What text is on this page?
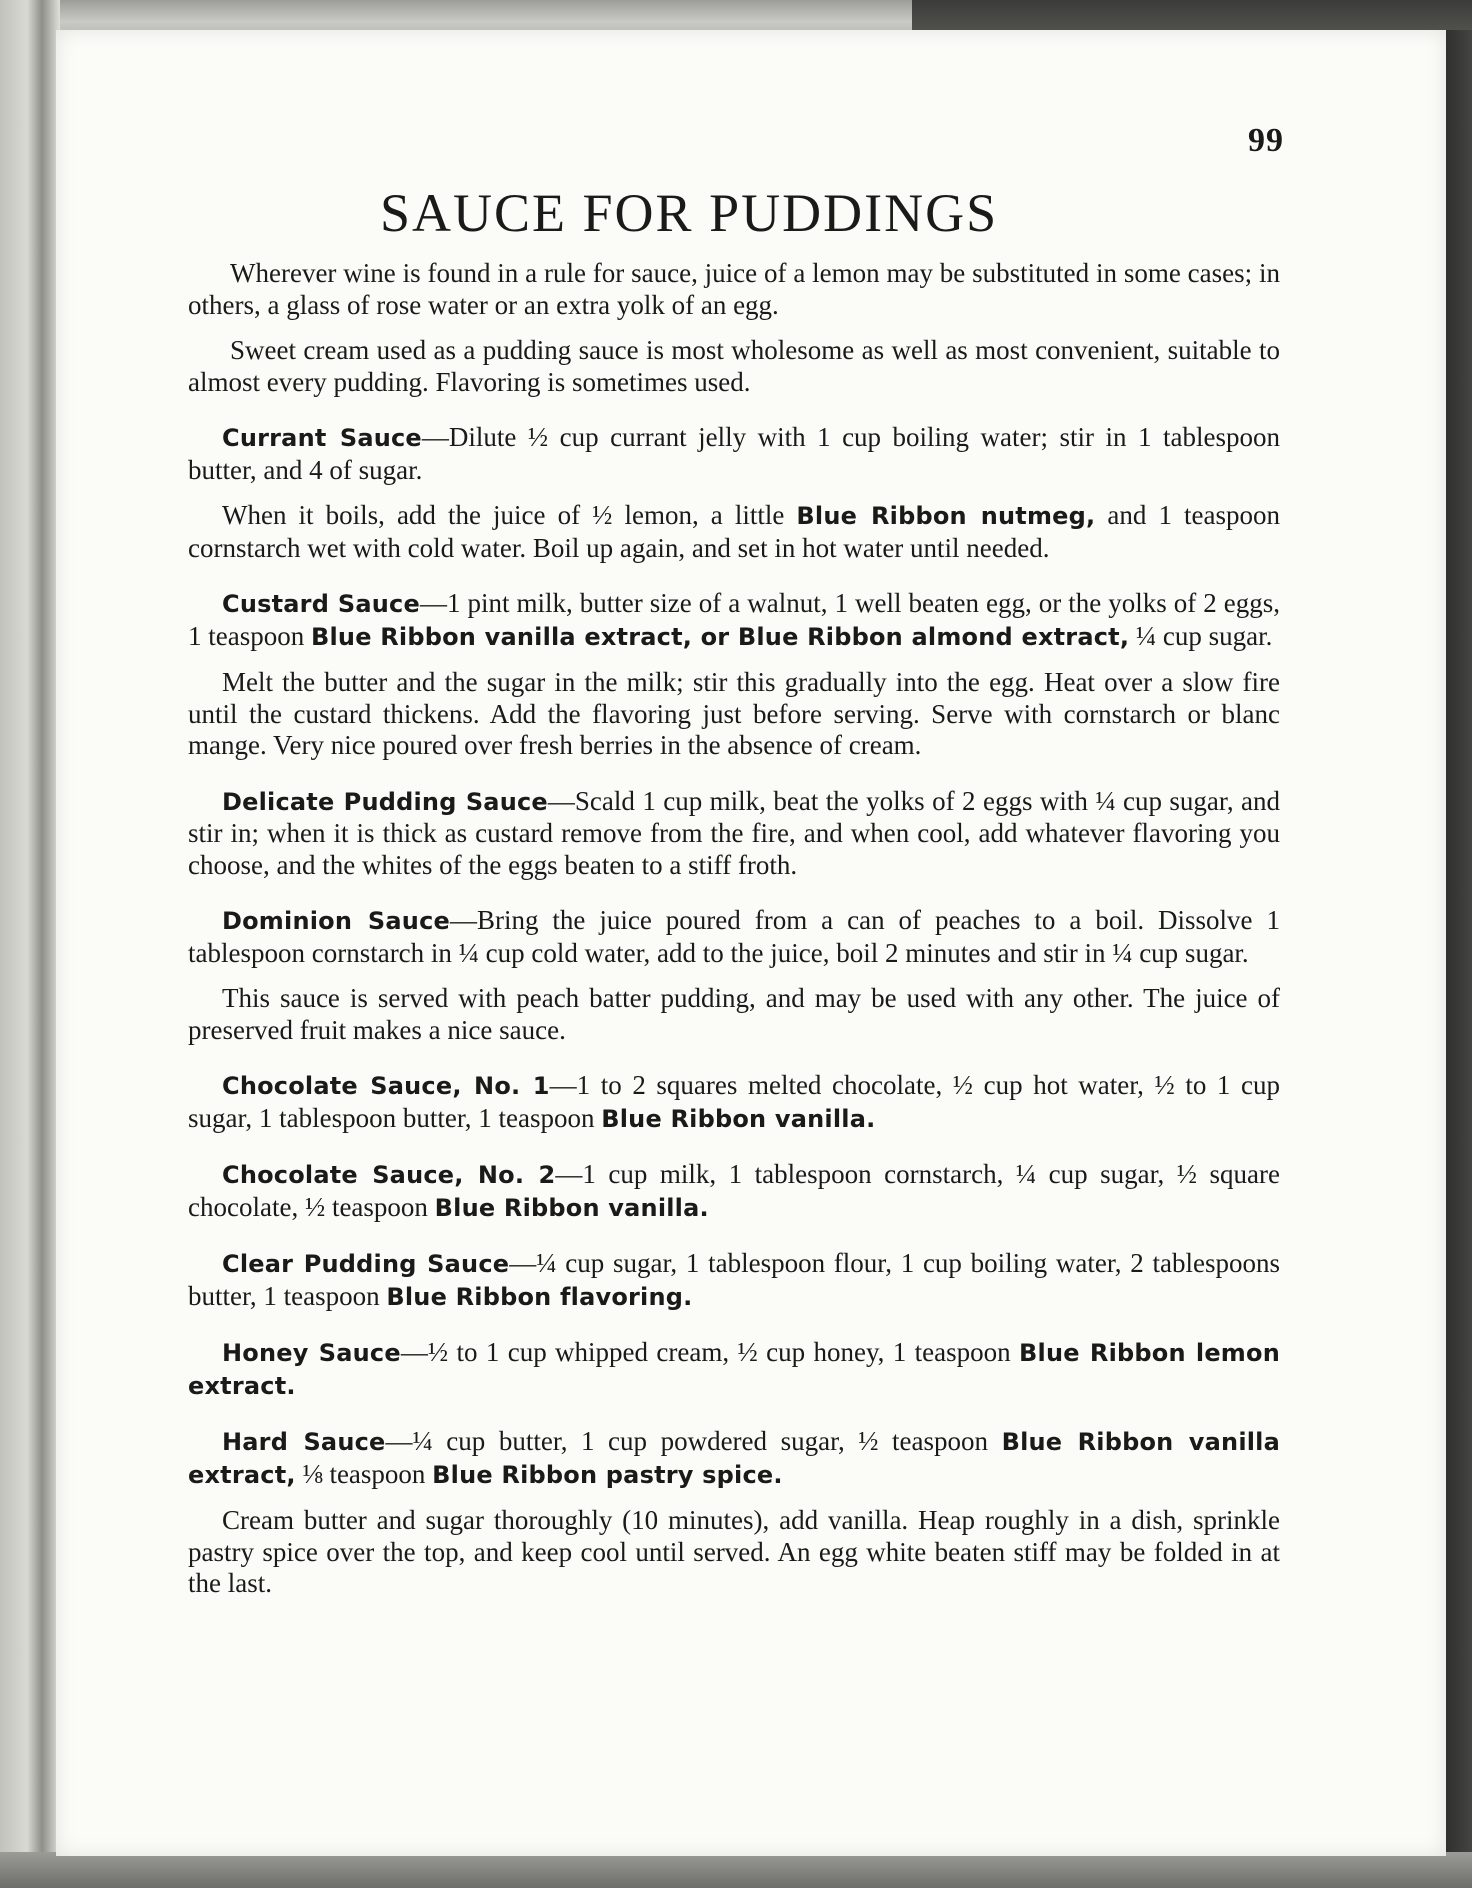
99

SAUCE FOR PUDDINGS

Wherever wine is found in a rule for sauce, juice of a lemon may be substituted in some cases; in others, a glass of rose water or an extra yolk of an egg.

Sweet cream used as a pudding sauce is most wholesome as well as most convenient, suitable to almost every pudding. Flavoring is sometimes used.

Currant Sauce—Dilute ½ cup currant jelly with 1 cup boiling water; stir in 1 tablespoon butter, and 4 of sugar.

When it boils, add the juice of ½ lemon, a little Blue Ribbon nutmeg, and 1 teaspoon cornstarch wet with cold water. Boil up again, and set in hot water until needed.

Custard Sauce—1 pint milk, butter size of a walnut, 1 well beaten egg, or the yolks of 2 eggs, 1 teaspoon Blue Ribbon vanilla extract, or Blue Ribbon almond extract, ¼ cup sugar.

Melt the butter and the sugar in the milk; stir this gradually into the egg. Heat over a slow fire until the custard thickens. Add the flavoring just before serving. Serve with cornstarch or blanc mange. Very nice poured over fresh berries in the absence of cream.

Delicate Pudding Sauce—Scald 1 cup milk, beat the yolks of 2 eggs with ¼ cup sugar, and stir in; when it is thick as custard remove from the fire, and when cool, add whatever flavoring you choose, and the whites of the eggs beaten to a stiff froth.

Dominion Sauce—Bring the juice poured from a can of peaches to a boil. Dissolve 1 tablespoon cornstarch in ¼ cup cold water, add to the juice, boil 2 minutes and stir in ¼ cup sugar.

This sauce is served with peach batter pudding, and may be used with any other. The juice of preserved fruit makes a nice sauce.

Chocolate Sauce, No. 1—1 to 2 squares melted chocolate, ½ cup hot water, ½ to 1 cup sugar, 1 tablespoon butter, 1 teaspoon Blue Ribbon vanilla.

Chocolate Sauce, No. 2—1 cup milk, 1 tablespoon cornstarch, ¼ cup sugar, ½ square chocolate, ½ teaspoon Blue Ribbon vanilla.

Clear Pudding Sauce—¼ cup sugar, 1 tablespoon flour, 1 cup boiling water, 2 tablespoons butter, 1 teaspoon Blue Ribbon flavoring.

Honey Sauce—½ to 1 cup whipped cream, ½ cup honey, 1 teaspoon Blue Ribbon lemon extract.

Hard Sauce—¼ cup butter, 1 cup powdered sugar, ½ teaspoon Blue Ribbon vanilla extract, ⅛ teaspoon Blue Ribbon pastry spice.

Cream butter and sugar thoroughly (10 minutes), add vanilla. Heap roughly in a dish, sprinkle pastry spice over the top, and keep cool until served. An egg white beaten stiff may be folded in at the last.
